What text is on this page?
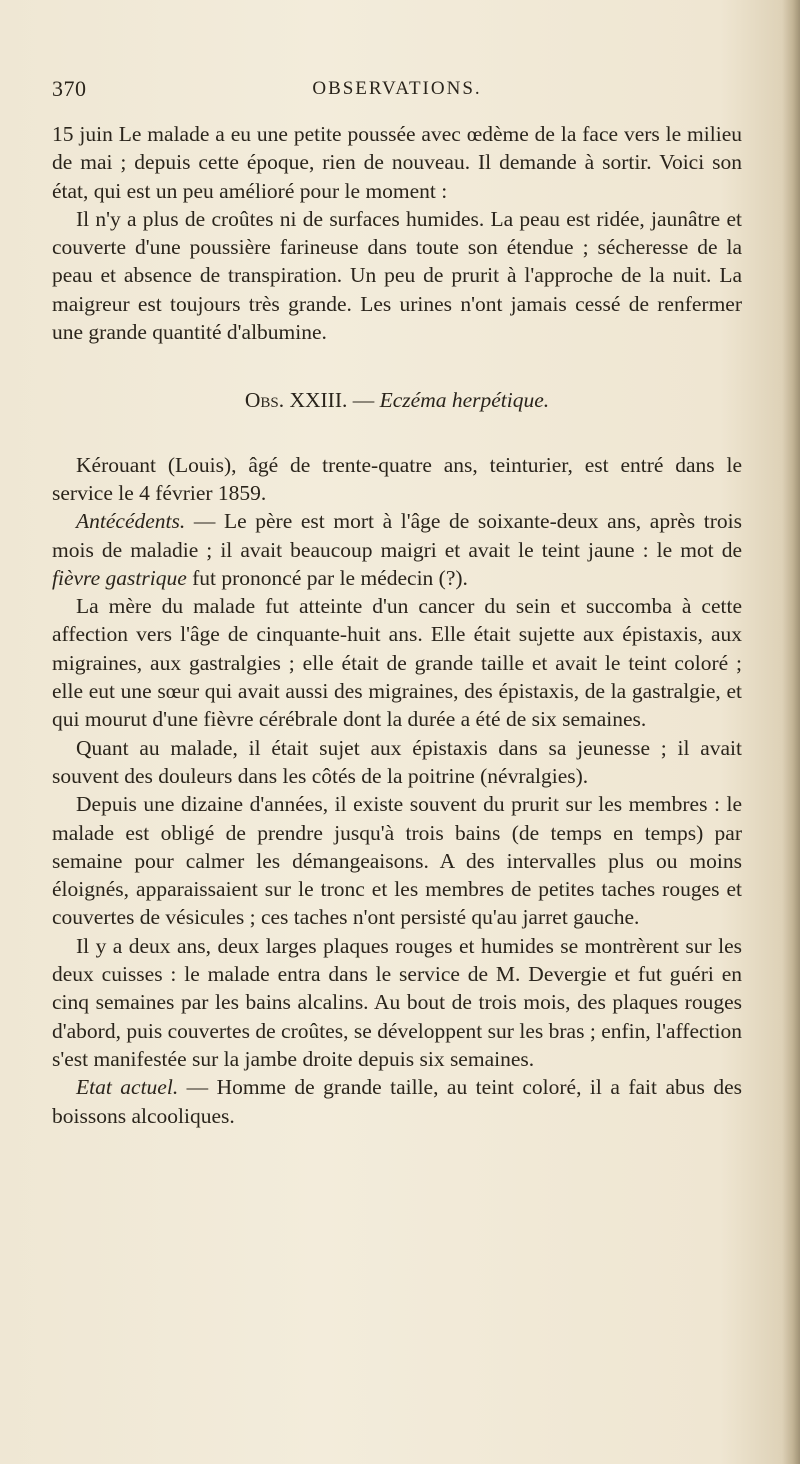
370	OBSERVATIONS.

15 juin Le malade a eu une petite poussée avec œdème de la face vers le milieu de mai ; depuis cette époque, rien de nouveau. Il demande à sortir. Voici son état, qui est un peu amélioré pour le moment :

Il n'y a plus de croûtes ni de surfaces humides. La peau est ridée, jaunâtre et couverte d'une poussière farineuse dans toute son étendue ; sécheresse de la peau et absence de transpiration. Un peu de prurit à l'approche de la nuit. La maigreur est toujours très grande. Les urines n'ont jamais cessé de renfermer une grande quantité d'albumine.

Obs. XXIII. — Eczéma herpétique.

Kérouant (Louis), âgé de trente-quatre ans, teinturier, est entré dans le service le 4 février 1859.

Antécédents. — Le père est mort à l'âge de soixante-deux ans, après trois mois de maladie ; il avait beaucoup maigri et avait le teint jaune : le mot de fièvre gastrique fut prononcé par le médecin (?).

La mère du malade fut atteinte d'un cancer du sein et succomba à cette affection vers l'âge de cinquante-huit ans. Elle était sujette aux épistaxis, aux migraines, aux gastralgies ; elle était de grande taille et avait le teint coloré ; elle eut une sœur qui avait aussi des migraines, des épistaxis, de la gastralgie, et qui mourut d'une fièvre cérébrale dont la durée a été de six semaines.

Quant au malade, il était sujet aux épistaxis dans sa jeunesse ; il avait souvent des douleurs dans les côtés de la poitrine (névralgies).

Depuis une dizaine d'années, il existe souvent du prurit sur les membres : le malade est obligé de prendre jusqu'à trois bains (de temps en temps) par semaine pour calmer les démangeaisons. A des intervalles plus ou moins éloignés, apparaissaient sur le tronc et les membres de petites taches rouges et couvertes de vésicules ; ces taches n'ont persisté qu'au jarret gauche.

Il y a deux ans, deux larges plaques rouges et humides se montrèrent sur les deux cuisses : le malade entra dans le service de M. Devergie et fut guéri en cinq semaines par les bains alcalins. Au bout de trois mois, des plaques rouges d'abord, puis couvertes de croûtes, se développent sur les bras ; enfin, l'affection s'est manifestée sur la jambe droite depuis six semaines.

Etat actuel. — Homme de grande taille, au teint coloré, il a fait abus des boissons alcooliques.
